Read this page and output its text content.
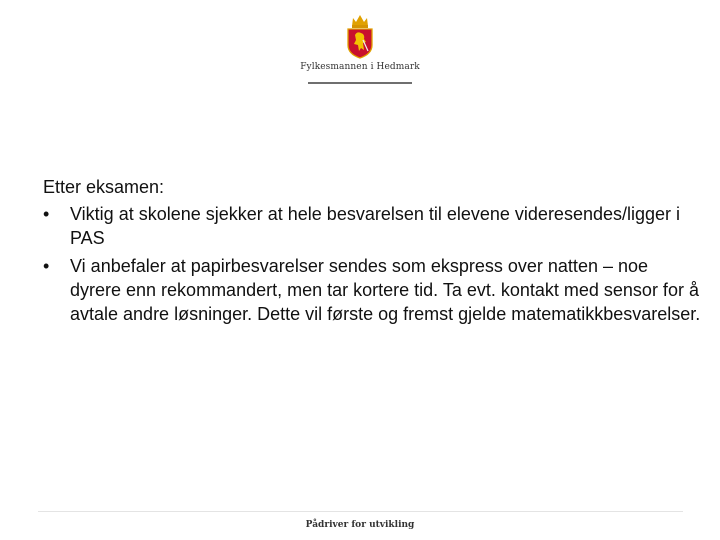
Fylkesmannen i Hedmark
Etter eksamen:
•	Viktig at skolene sjekker at hele besvarelsen til elevene videresendes/ligger i PAS
•	Vi anbefaler at papirbesvarelser sendes som ekspress over natten – noe dyrere enn rekommandert, men tar kortere tid. Ta evt. kontakt med sensor for å avtale andre løsninger. Dette vil første og fremst gjelde matematikkbesvarelser.
Pådriver for utvikling
